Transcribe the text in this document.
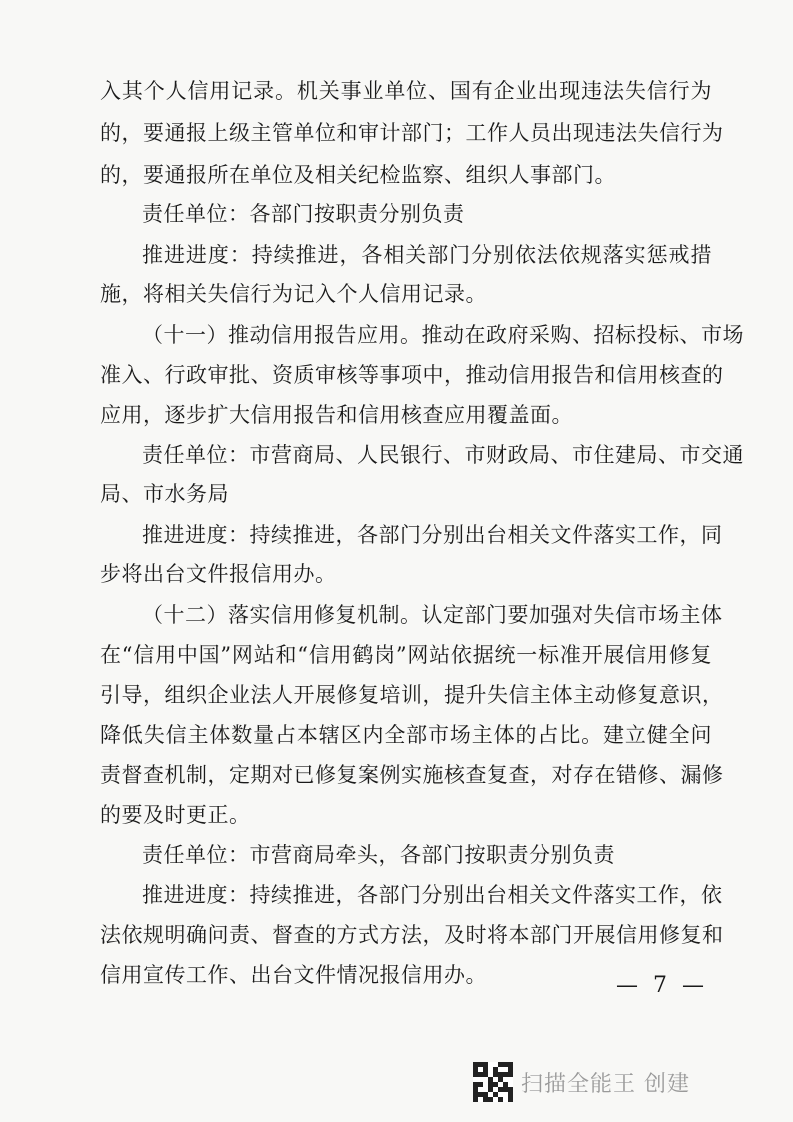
入其个人信用记录。机关事业单位、国有企业出现违法失信行为
的，要通报上级主管单位和审计部门；工作人员出现违法失信行为
的，要通报所在单位及相关纪检监察、组织人事部门。
责任单位：各部门按职责分别负责
推进进度：持续推进，各相关部门分别依法依规落实惩戒措
施，将相关失信行为记入个人信用记录。
（十一）推动信用报告应用。推动在政府采购、招标投标、市场
准入、行政审批、资质审核等事项中，推动信用报告和信用核查的
应用，逐步扩大信用报告和信用核查应用覆盖面。
责任单位：市营商局、人民银行、市财政局、市住建局、市交通
局、市水务局
推进进度：持续推进，各部门分别出台相关文件落实工作，同
步将出台文件报信用办。
（十二）落实信用修复机制。认定部门要加强对失信市场主体
在“信用中国”网站和“信用鹤岗”网站依据统一标准开展信用修复
引导，组织企业法人开展修复培训，提升失信主体主动修复意识，
降低失信主体数量占本辖区内全部市场主体的占比。建立健全问
责督查机制，定期对已修复案例实施核查复查，对存在错修、漏修
的要及时更正。
责任单位：市营商局牵头，各部门按职责分别负责
推进进度：持续推进，各部门分别出台相关文件落实工作，依
法依规明确问责、督查的方式方法，及时将本部门开展信用修复和
信用宣传工作、出台文件情况报信用办。	— 7 —
扫描全能王 创建
